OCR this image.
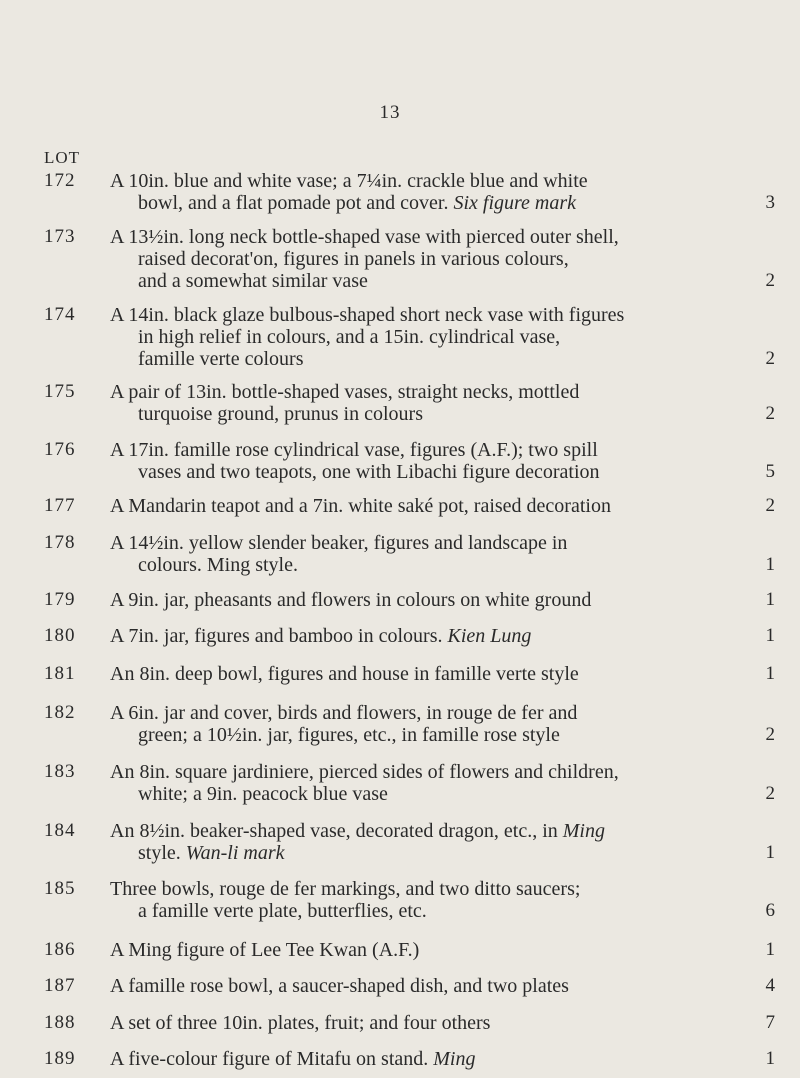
13
LOT
172 A 10in. blue and white vase; a 7¼in. crackle blue and white
bowl, and a flat pomade pot and cover. Six figure mark	3
173 A 13½in. long neck bottle-shaped vase with pierced outer shell,
raised decorat'on, figures in panels in various colours,
and a somewhat similar vase	2
174 A 14in. black glaze bulbous-shaped short neck vase with figures
in high relief in colours, and a 15in. cylindrical vase,
famille verte colours	2
175 A pair of 13in. bottle-shaped vases, straight necks, mottled
turquoise ground, prunus in colours	2
176 A 17in. famille rose cylindrical vase, figures (A.F.); two spill
vases and two teapots, one with Libachi figure decoration	5
177 A Mandarin teapot and a 7in. white saké pot, raised decoration	2
178 A 14½in. yellow slender beaker, figures and landscape in
colours. Ming style.	1
179 A 9in. jar, pheasants and flowers in colours on white ground	1
180 A 7in. jar, figures and bamboo in colours. Kien Lung	1
181 An 8in. deep bowl, figures and house in famille verte style	1
182 A 6in. jar and cover, birds and flowers, in rouge de fer and
green; a 10½in. jar, figures, etc., in famille rose style	2
183 An 8in. square jardiniere, pierced sides of flowers and children,
white; a 9in. peacock blue vase	2
184 An 8½in. beaker-shaped vase, decorated dragon, etc., in Ming
style. Wan-li mark	1
185 Three bowls, rouge de fer markings, and two ditto saucers;
a famille verte plate, butterflies, etc.	6
186 A Ming figure of Lee Tee Kwan (A.F.)	1
187 A famille rose bowl, a saucer-shaped dish, and two plates	4
188 A set of three 10in. plates, fruit; and four others	7
189 A five-colour figure of Mitafu on stand. Ming	1
